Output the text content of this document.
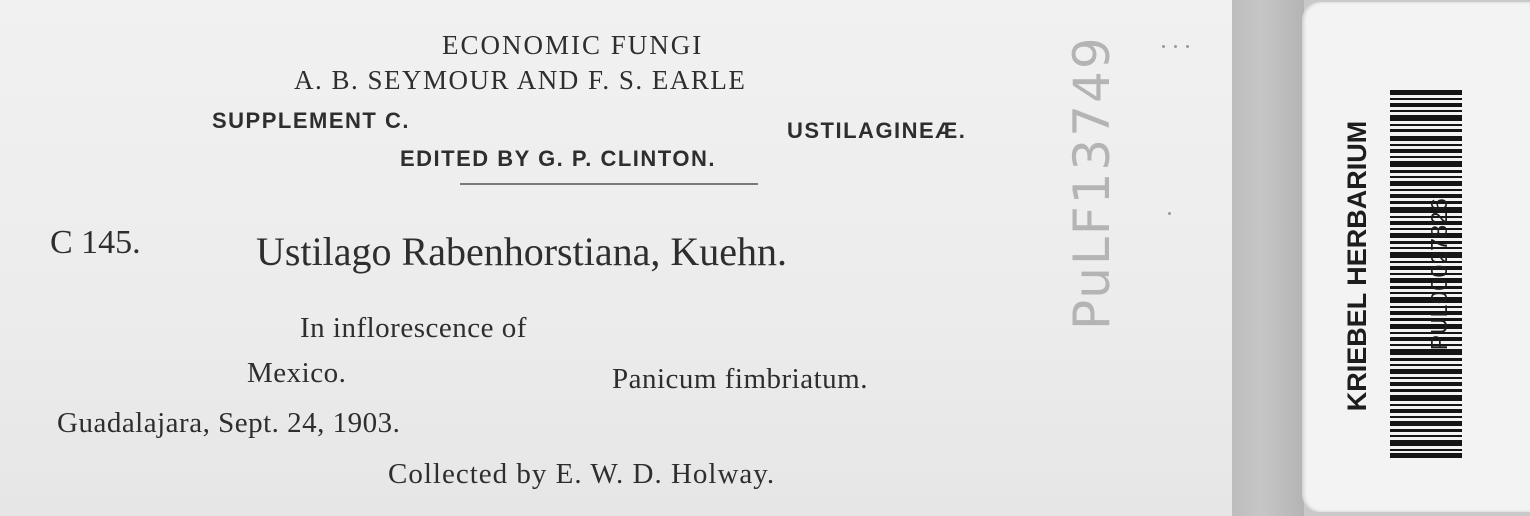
ECONOMIC FUNGI
A. B. SEYMOUR AND F. S. EARLE
SUPPLEMENT C.	USTILAGINEÆ.
EDITED BY G. P. CLINTON.
C 145.	Ustilago Rabenhorstiana, Kuehn.
In inflorescence of
Mexico.	Panicum fimbriatum.
Guadalajara, Sept. 24, 1903.
Collected by E. W. D. Holway.
PuLF13749	KRIEBEL HERBARIUM PUL00027826
